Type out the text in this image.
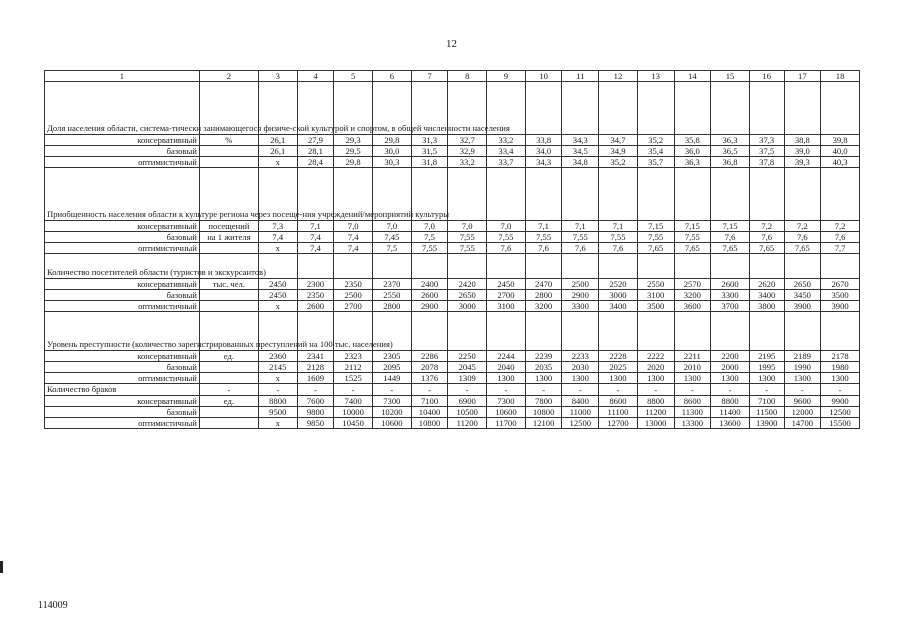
12
1	2	3	4	5	6	7	8	9	10	11	12	13	14	15	16	17	18
Доля населения области, система-тически занимающегося физиче-ской культурой и спортом, в общей численности населения																	
консервативный	%	26,1	27,9	29,3	29,8	31,3	32,7	33,2	33,8	34,3	34,7	35,2	35,8	36,3	37,3	38,8	39,8
базовый		26,1	28,1	29,5	30,0	31,5	32,9	33,4	34,0	34,5	34,9	35,4	36,0	36,5	37,5	39,0	40,0
оптимистичный		x	28,4	29,8	30,3	31,8	33,2	33,7	34,3	34,8	35,2	35,7	36,3	36,8	37,8	39,3	40,3
Приобщенность населения области к культуре региона через посеще-ния учреждений/мероприятий культуры																	
консервативный	посещений	7,3	7,1	7,0	7,0	7,0	7,0	7,0	7,1	7,1	7,1	7,15	7,15	7,15	7,2	7,2	7,2
базовый	на 1 жителя	7,4	7,4	7,4	7,45	7,5	7,55	7,55	7,55	7,55	7,55	7,55	7,55	7,6	7,6	7,6	7,6
оптимистичный		x	7,4	7,4	7,5	7,55	7,55	7,6	7,6	7,6	7,6	7,65	7,65	7,65	7,65	7,65	7,7
Количество посетителей области (туристов и экскурсантов)																	
консервативный	тыс. чел.	2450	2300	2350	2370	2400	2420	2450	2470	2500	2520	2550	2570	2600	2620	2650	2670
базовый		2450	2350	2500	2550	2600	2650	2700	2800	2900	3000	3100	3200	3300	3400	3450	3500
оптимистичный		x	2600	2700	2800	2900	3000	3100	3200	3300	3400	3500	3600	3700	3800	3900	3900
Уровень преступности (количество зарегистрированных преступлений на 100 тыс. населения)																	
консервативный	ед.	2360	2341	2323	2305	2286	2250	2244	2239	2233	2228	2222	2211	2200	2195	2189	2178
базовый		2145	2128	2112	2095	2078	2045	2040	2035	2030	2025	2020	2010	2000	1995	1990	1980
оптимистичный		x	1609	1525	1449	1376	1309	1300	1300	1300	1300	1300	1300	1300	1300	1300	1300
Количество браков	-	-	-	-	-	-	-	-	-	-	-	-	-	-	-	-	-
консервативный	ед.	8800	7600	7400	7300	7100	6900	7300	7800	8400	8600	8800	8600	8800	7100	9600	9900
базовый		9500	9800	10000	10200	10400	10500	10600	10800	11000	11100	11200	11300	11400	11500	12000	12500
оптимистичный		x	9850	10450	10600	10800	11200	11700	12100	12500	12700	13000	13300	13600	13900	14700	15500
114009
